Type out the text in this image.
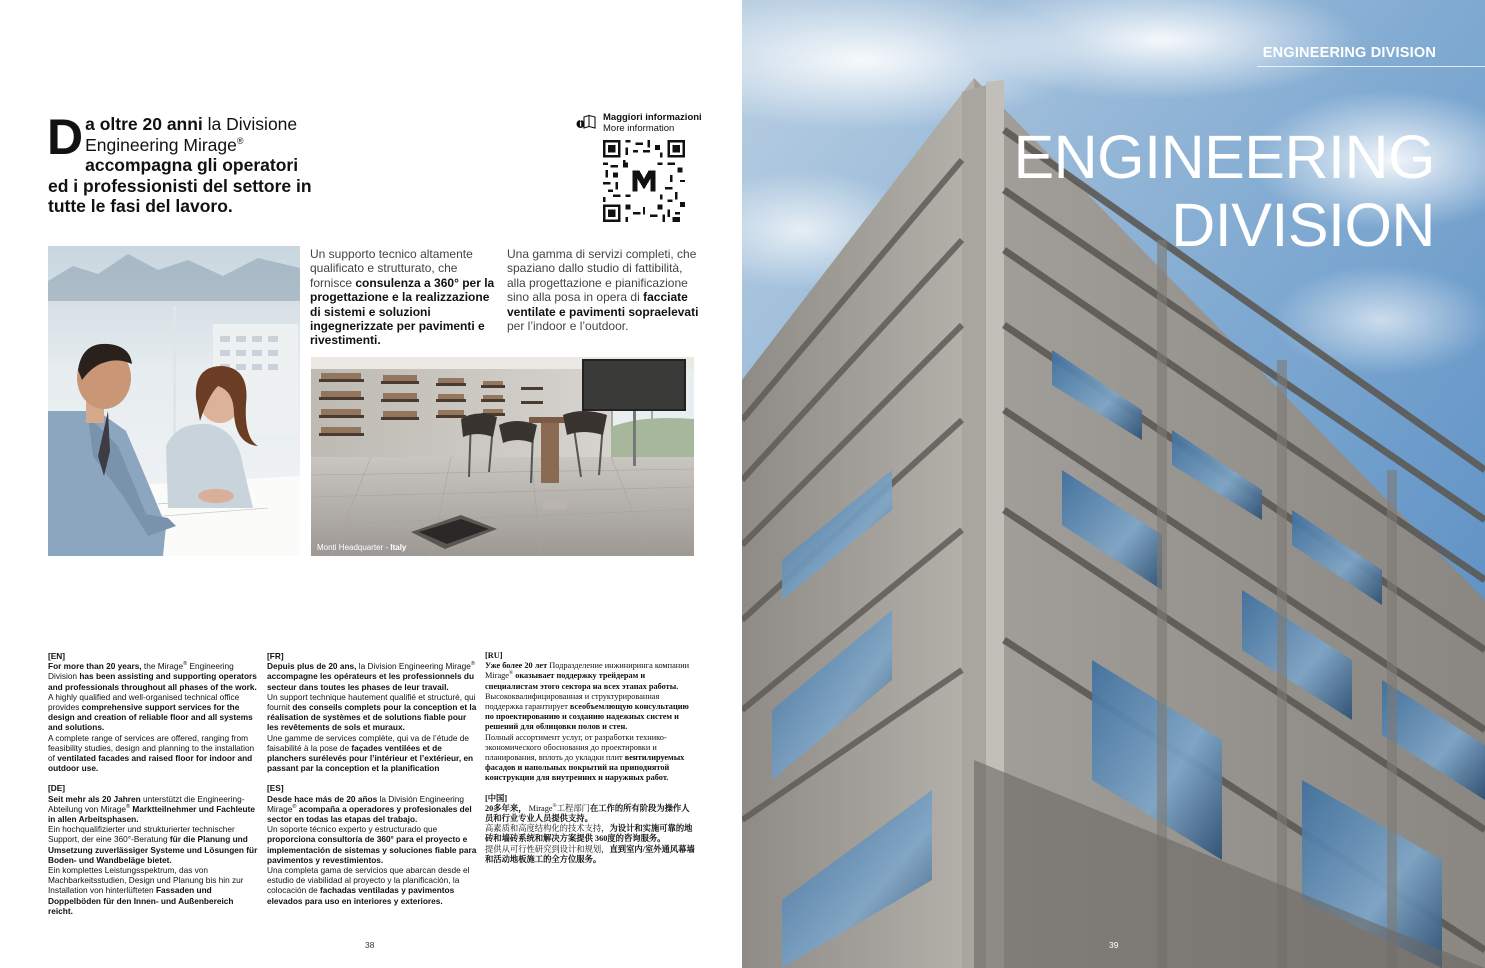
Da oltre 20 anni la Divisione Engineering Mirage® accompagna gli operatori ed i professionisti del settore in tutte le fasi del lavoro.
Maggiori informazioni
More information
Un supporto tecnico altamente qualificato e strutturato, che fornisce consulenza a 360° per la progettazione e la realizzazione di sistemi e soluzioni ingegnerizzate per pavimenti e rivestimenti.
Una gamma di servizi completi, che spaziano dallo studio di fattibilità, alla progettazione e pianificazione sino alla posa in opera di facciate ventilate e pavimenti sopraelevati per l’indoor e l’outdoor.
Monti Headquarter - Italy
[EN]

For more than 20 years, the Mirage® Engineering Division has been assisting and supporting operators and professionals throughout all phases of the work.

A highly qualified and well-organised technical office provides comprehensive support services for the design and creation of reliable floor and all systems and solutions.

A complete range of services are offered, ranging from feasibility studies, design and planning to the installation of ventilated facades and raised floor for indoor and outdoor use.

[DE]

Seit mehr als 20 Jahren unterstützt die Engineering-Abteilung von Mirage® Marktteilnehmer und Fachleute in allen Arbeitsphasen.

Ein hochqualifizierter und strukturierter technischer Support, der eine 360°-Beratung für die Planung und Umsetzung zuverlässiger Systeme und Lösungen für Boden- und Wandbeläge bietet.

Ein komplettes Leistungsspektrum, das von Machbarkeitsstudien, Design und Planung bis hin zur Installation von hinterlüfteten Fassaden und Doppelböden für den Innen- und Außenbereich reicht.

[FR]

Depuis plus de 20 ans, la Division Engineering Mirage® accompagne les opérateurs et les professionnels du secteur dans toutes les phases de leur travail.

Un support technique hautement qualifié et structuré, qui fournit des conseils complets pour la conception et la réalisation de systèmes et de solutions fiable pour les revêtements de sols et muraux.

Une gamme de services complète, qui va de l’étude de faisabilité à la pose de façades ventilées et de planchers surélevés pour l’intérieur et l’extérieur, en passant par la conception et la planification

[ES]

Desde hace más de 20 años la División Engineering Mirage® acompaña a operadores y profesionales del sector en todas las etapas del trabajo.

Un soporte técnico experto y estructurado que proporciona consultoría de 360° para el proyecto e implementación de sistemas y soluciones fiable para pavimentos y revestimientos.

Una completa gama de servicios que abarcan desde el estudio de viabilidad al proyecto y la planificación, la colocación de fachadas ventiladas y pavimentos elevados para uso en interiores y exteriores.

[RU]

Уже более 20 лет Подразделение инжиниринга компании Mirage® оказывает поддержку трейдерам и специалистам этого сектора на всех этапах работы.

Высококвалифицированная и структурированная поддержка гарантирует всеобъемлющую консультацию по проектированию и созданию надежных систем и решений для облицовки полов и стен.

Полный ассортимент услуг, от разработки технико-экономического обоснования до проектировки и планирования, вплоть до укладки плит вентилируемых фасадов и напольных покрытий на приподнятой конструкции для внутренних и наружных работ.

[中国]

20多年来， Mirage®工程部门在工作的所有阶段为操作人员和行业专业人员提供支持。

高素质和高度结构化的技术支持，为设计和实施可靠的地砖和墙砖系统和解决方案提供 360度的咨询服务。

提供从可行性研究到设计和规划，直到室内/室外通风幕墙和活动地板施工的全方位服务。

38
ENGINEERING DIVISION
ENGINEERING
DIVISION
39
